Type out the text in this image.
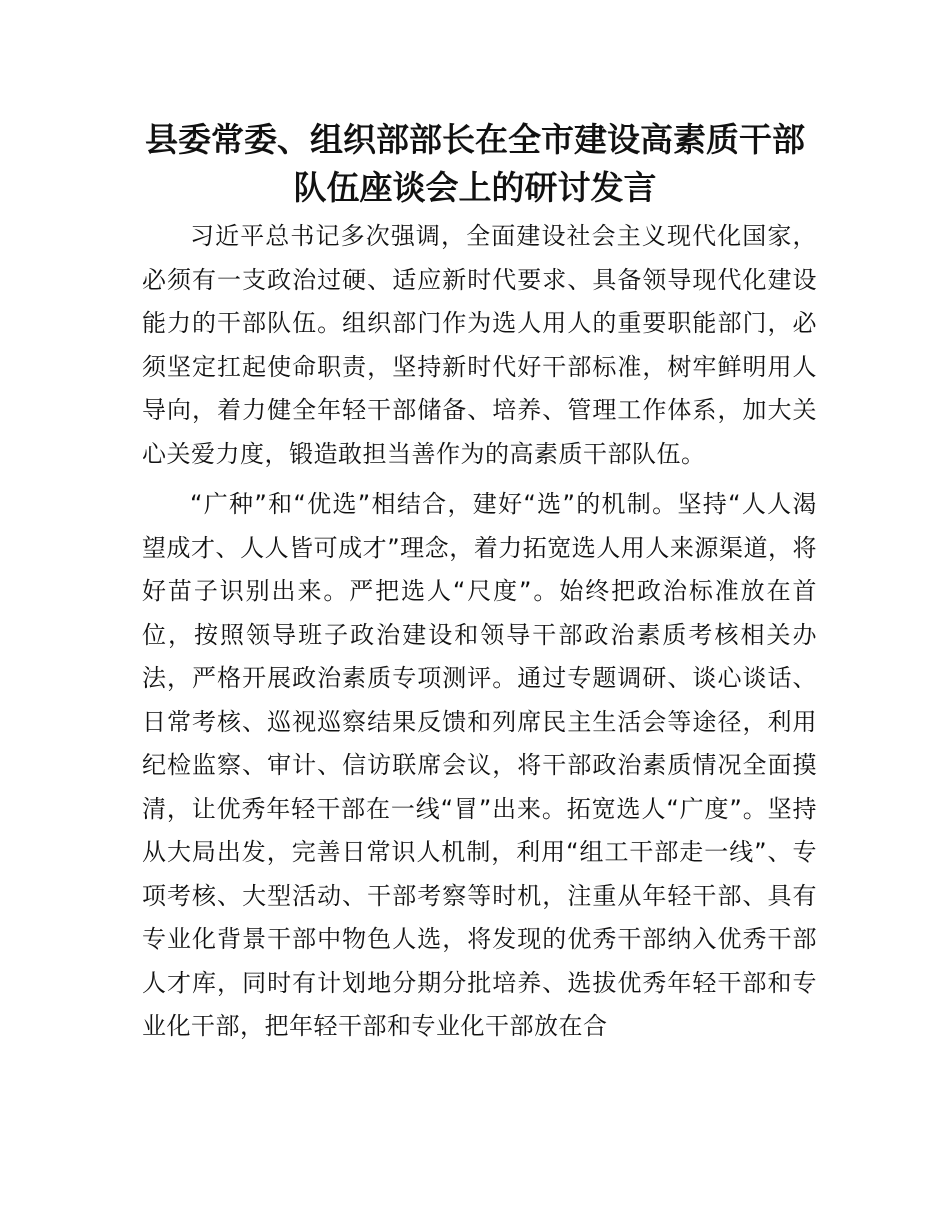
县委常委、组织部部长在全市建设高素质干部
队伍座谈会上的研讨发言

习近平总书记多次强调，全面建设社会主义现代化国家，必须有一支政治过硬、适应新时代要求、具备领导现代化建设能力的干部队伍。组织部门作为选人用人的重要职能部门，必须坚定扛起使命职责，坚持新时代好干部标准，树牢鲜明用人导向，着力健全年轻干部储备、培养、管理工作体系，加大关心关爱力度，锻造敢担当善作为的高素质干部队伍。

“广种”和“优选”相结合，建好“选”的机制。坚持“人人渴望成才、人人皆可成才”理念，着力拓宽选人用人来源渠道，将好苗子识别出来。严把选人“尺度”。始终把政治标准放在首位，按照领导班子政治建设和领导干部政治素质考核相关办法，严格开展政治素质专项测评。通过专题调研、谈心谈话、日常考核、巡视巡察结果反馈和列席民主生活会等途径，利用纪检监察、审计、信访联席会议，将干部政治素质情况全面摸清，让优秀年轻干部在一线“冒”出来。拓宽选人“广度”。坚持从大局出发，完善日常识人机制，利用“组工干部走一线”、专项考核、大型活动、干部考察等时机，注重从年轻干部、具有专业化背景干部中物色人选，将发现的优秀干部纳入优秀干部人才库，同时有计划地分期分批培养、选拔优秀年轻干部和专业化干部，把年轻干部和专业化干部放在合
